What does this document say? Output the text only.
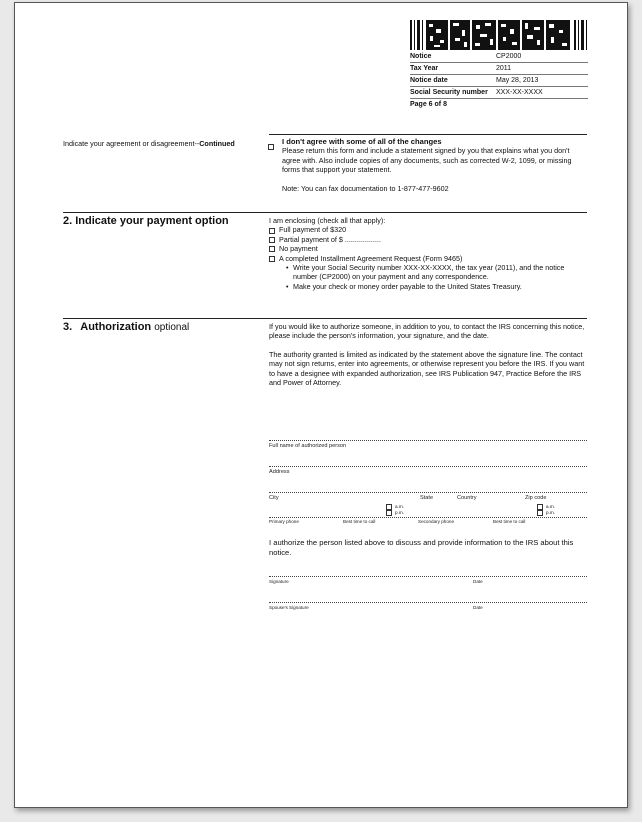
Notice	CP2000
Tax Year	2011
Notice date	May 28, 2013
Social Security number	XXX-XX-XXXX
Page 6 of 8
Indicate your agreement or disagreement--Continued	I don't agree with some of all of the changes
Please return this form and include a statement signed by you that explains what you don't agree with. Also include copies of any documents, such as corrected W-2, 1099, or missing forms that support your statement.
Note: You can fax documentation to 1-877-477-9602
2. Indicate your payment option	I am enclosing (check all that apply):
Full payment of $320
Partial payment of $ ..................
No payment
A completed Installment Agreement Request (Form 9465)
• Write your Social Security number XXX-XX-XXXX, the tax year (2011), and the notice number (CP2000) on your payment and any correspondence.
• Make your check or money order payable to the United States Treasury.
3. Authorization optional	If you would like to authorize someone, in addition to you, to contact the IRS concerning this notice, please include the person's information, your signature, and the date.
The authority granted is limited as indicated by the statement above the signature line. The contact may not sign returns, enter into agreements, or otherwise represent you before the IRS. If you want to have a designee with expanded authorization, see IRS Publication 947, Practice Before the IRS and Power of Attorney.
Full name of authorized person
Address
City	State	Country	Zip code
a.m.
p.m.
a.m.
p.m.
Primary phone	Best time to call	Secondary phone	Best time to call
I authorize the person listed above to discuss and provide information to the IRS about this notice.
Signature	Date
Spouse's Signature	Date
